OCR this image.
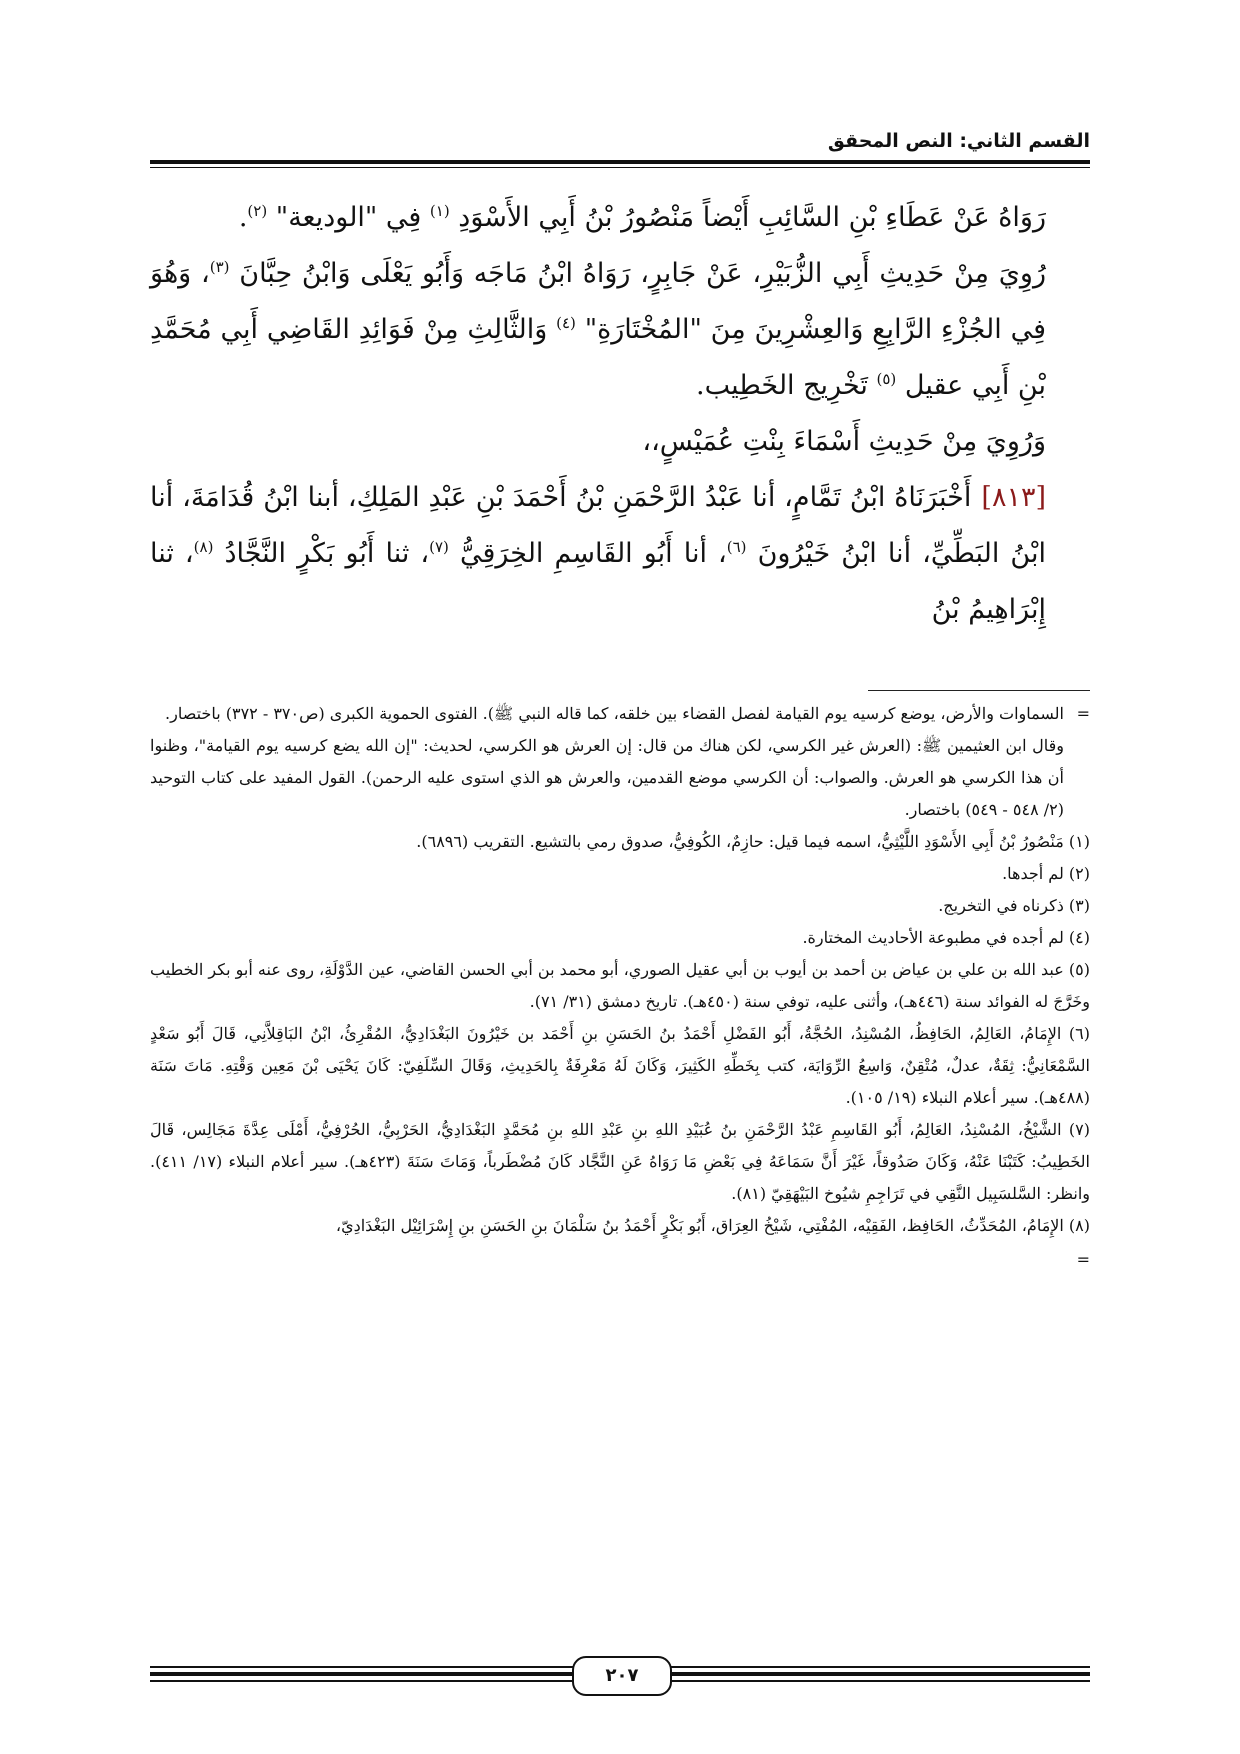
القسم الثاني: النص المحقق

رَوَاهُ عَنْ عَطَاءِ بْنِ السَّائِبِ أَيْضاً مَنْصُورُ بْنُ أَبِي الأَسْوَدِ $^{(١)}$ فِي "الوديعة" $^{(٢)}$.

رُوِيَ مِنْ حَدِيثِ أَبِي الزُّبَيْرِ، عَنْ جَابِرٍ، رَوَاهُ ابْنُ مَاجَه وَأَبُو يَعْلَى وَابْنُ حِبَّانَ $^{(٣)}$، وَهُوَ فِي الجُزْءِ الرَّابِعِ وَالعِشْرِينَ مِنَ "المُخْتَارَةِ" $^{(٤)}$ وَالثَّالِثِ مِنْ فَوَائِدِ القَاضِي أَبِي مُحَمَّدِ بْنِ أَبِي عقيل $^{(٥)}$ تَخْرِيج الخَطِيب.

وَرُوِيَ مِنْ حَدِيثِ أَسْمَاءَ بِنْتِ عُمَيْسٍ،،

[٨١٣]أَخْبَرَنَاهُ ابْنُ تَمَّامٍ، أنا عَبْدُ الرَّحْمَنِ بْنُ أَحْمَدَ بْنِ عَبْدِ المَلِكِ، أبنا ابْنُ قُدَامَةَ، أنا ابْنُ البَطِّيِّ، أنا ابْنُ خَيْرُونَ $^{(٦)}$، أنا أَبُو القَاسِمِ الخِرَقِيُّ $^{(٧)}$، ثنا أَبُو بَكْرٍ النَّجَّادُ $^{(٨)}$، ثنا إِبْرَاهِيمُ بْنُ

=
السماوات والأرض، يوضع كرسيه يوم القيامة لفصل القضاء بين خلقه، كما قاله النبي ﷺ). الفتوى الحموية الكبرى (ص٣٧٠ - ٣٧٢) باختصار.

وقال ابن العثيمين ﷺ: (العرش غير الكرسي، لكن هناك من قال: إن العرش هو الكرسي، لحديث: "إن الله يضع كرسيه يوم القيامة"، وظنوا أن هذا الكرسي هو العرش. والصواب: أن الكرسي موضع القدمين، والعرش هو الذي استوى عليه الرحمن). القول المفيد على كتاب التوحيد (٢/ ٥٤٨ - ٥٤٩) باختصار.

(١) مَنْصُورُ بْنُ أَبِي الأَسْوَدِ اللَّيْثِيُّ، اسمه فيما قيل: حازِمٌ، الكُوفِيُّ، صدوق رمي بالتشيع. التقريب (٦٨٩٦).

(٢) لم أجدها.

(٣) ذكرناه في التخريج.

(٤) لم أجده في مطبوعة الأحاديث المختارة.

(٥) عبد الله بن علي بن عياض بن أحمد بن أيوب بن أبي عقيل الصوري، أبو محمد بن أبي الحسن القاضي، عين الدَّوْلَةِ، روى عنه أبو بكر الخطيب وخَرَّجَ له الفوائد سنة (٤٤٦هـ)، وأثنى عليه، توفي سنة (٤٥٠هـ). تاريخ دمشق (٣١/ ٧١).

(٦) الإِمَامُ، العَالِمُ، الحَافِظُ، المُسْنِدُ، الحُجَّةُ، أَبُو الفَضْلِ أَحْمَدُ بنُ الحَسَنِ بنِ أَحْمَد بن خَيْرُونَ البَغْدَادِيُّ، المُقْرِئُ، ابْنُ البَاقِلاَّنِي، قَالَ أَبُو سَعْدٍ السَّمْعَانِيُّ: ثِقَةٌ، عدلٌ، مُتْقِنٌ، وَاسِعُ الرِّوَايَة، كتب بِخَطِّهِ الكَثِيرَ، وَكَانَ لَهُ مَعْرِفَةٌ بِالحَدِيثِ، وَقَالَ السِّلَفِيّ: كَانَ يَحْيَى بْنَ مَعِين وَقْتِهِ. مَاتَ سَنَة (٤٨٨هـ). سير أعلام النبلاء (١٩/ ١٠٥).

(٧) الشَّيْخُ، المُسْنِدُ، العَالِمُ، أَبُو القَاسِمِ عَبْدُ الرَّحْمَنِ بنُ عُبَيْدِ اللهِ بنِ عَبْدِ اللهِ بنِ مُحَمَّدٍ البَغْدَادِيُّ، الحَرْبِيُّ، الحُرْفِيُّ، أَمْلَى عِدَّةَ مَجَالِس، قَالَ الخَطِيبُ: كَتَبْنَا عَنْهُ، وَكَانَ صَدُوقاً، غَيْرَ أَنَّ سَمَاعَهُ فِي بَعْضِ مَا رَوَاهُ عَنِ النَّجَّاد كَانَ مُضْطَرباً، وَمَاتَ سَنَةَ (٤٢٣هـ). سير أعلام النبلاء (١٧/ ٤١١). وانظر: السَّلسَبِيل النَّقِي في تَرَاجِمِ شيُوخ البَيْهَقِيّ (٨١).

(٨) الإِمَامُ، المُحَدِّثُ، الحَافِظ، الفَقِيْه، المُفْتِي، شَيْخُ العِرَاق، أَبُو بَكْرٍ أَحْمَدُ بنُ سَلْمَانَ بنِ الحَسَنِ بنِ إِسْرَائِيْل البَغْدَادِيّ،

=
٢٠٧
